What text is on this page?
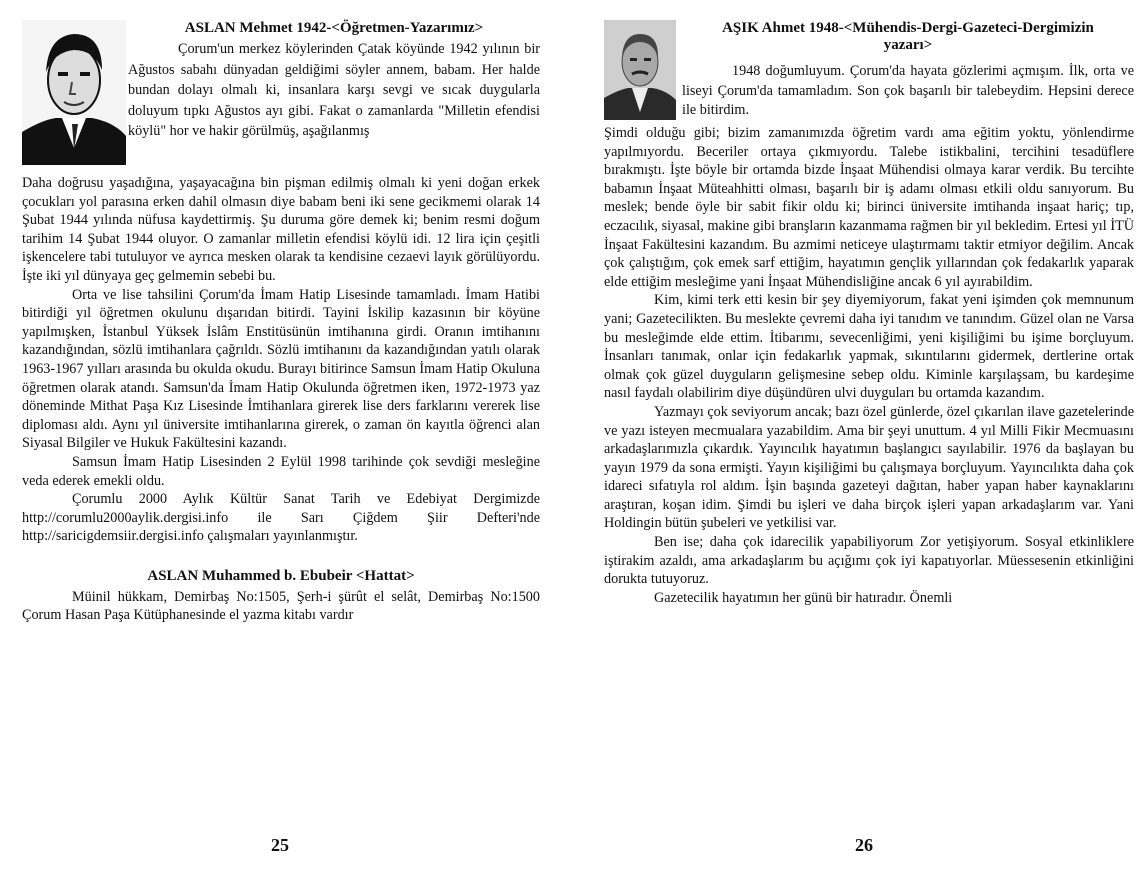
ASLAN Mehmet 1942-<Öğretmen-Yazarımız>

Çorum'un merkez köylerinden Çatak köyünde 1942 yılının bir Ağustos sabahı dünyadan geldiğimi söyler annem, babam. Her halde bundan dolayı olmalı ki, insanlara karşı sevgi ve sıcak duygularla doluyum tıpkı Ağustos ayı gibi. Fakat o zamanlarda "Milletin efendisi köylü" hor ve hakir görülmüş, aşağılanmış

Daha doğrusu yaşadığına, yaşayacağına bin pişman edilmiş olmalı ki yeni doğan erkek çocukları yol parasına erken dahil olmasın diye babam beni iki sene gecikmemi olarak 14 Şubat 1944 yılında nüfusa kaydettirmiş. Şu duruma göre demek ki; benim resmi doğum tarihim 14 Şubat 1944 oluyor. O zamanlar milletin efendisi köylü idi. 12 lira için çeşitli işkencelere tabi tutuluyor ve ayrıca mesken olarak ta kendisine cezaevi layık görülüyordu. İşte iki yıl dünyaya geç gelmemin sebebi bu.

Orta ve lise tahsilini Çorum'da İmam Hatip Lisesinde tamamladı. İmam Hatibi bitirdiği yıl öğretmen okulunu dışarıdan bitirdi. Tayini İskilip kazasının bir köyüne yapılmışken, İstanbul Yüksek İslâm Enstitüsünün imtihanına girdi. Oranın imtihanını kazandığından, sözlü imtihanlara çağrıldı. Sözlü imtihanını da kazandığından yatılı olarak 1963-1967 yılları arasında bu okulda okudu. Burayı bitirince Samsun İmam Hatip Okuluna öğretmen olarak atandı. Samsun'da İmam Hatip Okulunda öğretmen iken, 1972-1973 yaz döneminde Mithat Paşa Kız Lisesinde İmtihanlara girerek lise ders farklarını vererek lise diploması aldı. Aynı yıl üniversite imtihanlarına girerek, o zaman ön kayıtla öğrenci alan Siyasal Bilgiler ve Hukuk Fakültesini kazandı.

Samsun İmam Hatip Lisesinden 2 Eylül 1998 tarihinde çok sevdiği mesleğine veda ederek emekli oldu.

Çorumlu 2000 Aylık Kültür Sanat Tarih ve Edebiyat Dergimizde http://corumlu2000aylik.dergisi.info ile Sarı Çiğdem Şiir Defteri'nde http://saricigdemsiir.dergisi.info çalışmaları yayınlanmıştır.

ASLAN Muhammed b. Ebubeir <Hattat>

Müinil hükkam, Demirbaş No:1505, Şerh-i şürût el selât, Demirbaş No:1500 Çorum Hasan Paşa Kütüphanesinde el yazma kitabı vardır

25
AŞIK Ahmet 1948-<Mühendis-Dergi-Gazeteci-Dergimizin yazarı>

1948 doğumluyum. Çorum'da hayata gözlerimi açmışım. İlk, orta ve liseyi Çorum'da tamamladım. Son çok başarılı bir talebeydim. Hepsini derece ile bitirdim.

Şimdi olduğu gibi; bizim zamanımızda öğretim vardı ama eğitim yoktu, yönlendirme yapılmıyordu. Beceriler ortaya çıkmıyordu. Talebe istikbalini, tercihini tesadüflere bırakmıştı. İşte böyle bir ortamda bizde İnşaat Mühendisi olmaya karar verdik. Bu tercihte babamın İnşaat Müteahhitti olması, başarılı bir iş adamı olması etkili oldu sanıyorum. Bu meslek; bende öyle bir sabit fikir oldu ki; birinci üniversite imtihanda inşaat hariç; tıp, eczacılık, siyasal, makine gibi branşların kazanmama rağmen bir yıl bekledim. Ertesi yıl İTÜ İnşaat Fakültesini kazandım. Bu azmimi neticeye ulaştırmamı taktir etmiyor değilim. Ancak çok çalıştığım, çok emek sarf ettiğim, hayatımın gençlik yıllarından çok fedakarlık yaparak elde ettiğim mesleğime yani İnşaat Mühendisliğine ancak 6 yıl ayırabildim.

Kim, kimi terk etti kesin bir şey diyemiyorum, fakat yeni işimden çok memnunum yani; Gazetecilikten. Bu meslekte çevremi daha iyi tanıdım ve tanındım. Güzel olan ne Varsa bu mesleğimde elde ettim. İtibarımı, sevecenliğimi, yeni kişiliğimi bu işime borçluyum. İnsanları tanımak, onlar için fedakarlık yapmak, sıkıntılarını gidermek, dertlerine ortak olmak çok güzel duyguların gelişmesine sebep oldu. Kiminle karşılaşsam, bu kardeşime nasıl faydalı olabilirim diye düşündüren ulvi duyguları bu ortamda kazandım.

Yazmayı çok seviyorum ancak; bazı özel günlerde, özel çıkarılan ilave gazetelerinde ve yazı isteyen mecmualara yazabildim. Ama bir şeyi unuttum. 4 yıl Milli Fikir Mecmuasını arkadaşlarımızla çıkardık. Yayıncılık hayatımın başlangıcı sayılabilir. 1976 da başlayan bu yayın 1979 da sona ermişti. Yayın kişiliğimi bu çalışmaya borçluyum. Yayıncılıkta daha çok idareci sıfatıyla rol aldım. İşin başında gazeteyi dağıtan, haber yapan haber kaynaklarını araştıran, koşan idim. Şimdi bu işleri ve daha birçok işleri yapan arkadaşlarım var. Yani Holdingin bütün şubeleri ve yetkilisi var.

Ben ise; daha çok idarecilik yapabiliyorum Zor yetişiyorum. Sosyal etkinliklere iştirakim azaldı, ama arkadaşlarım bu açığımı çok iyi kapatıyorlar. Müessesenin etkinliğini dorukta tutuyoruz.

Gazetecilik hayatımın her günü bir hatıradır. Önemli

26
